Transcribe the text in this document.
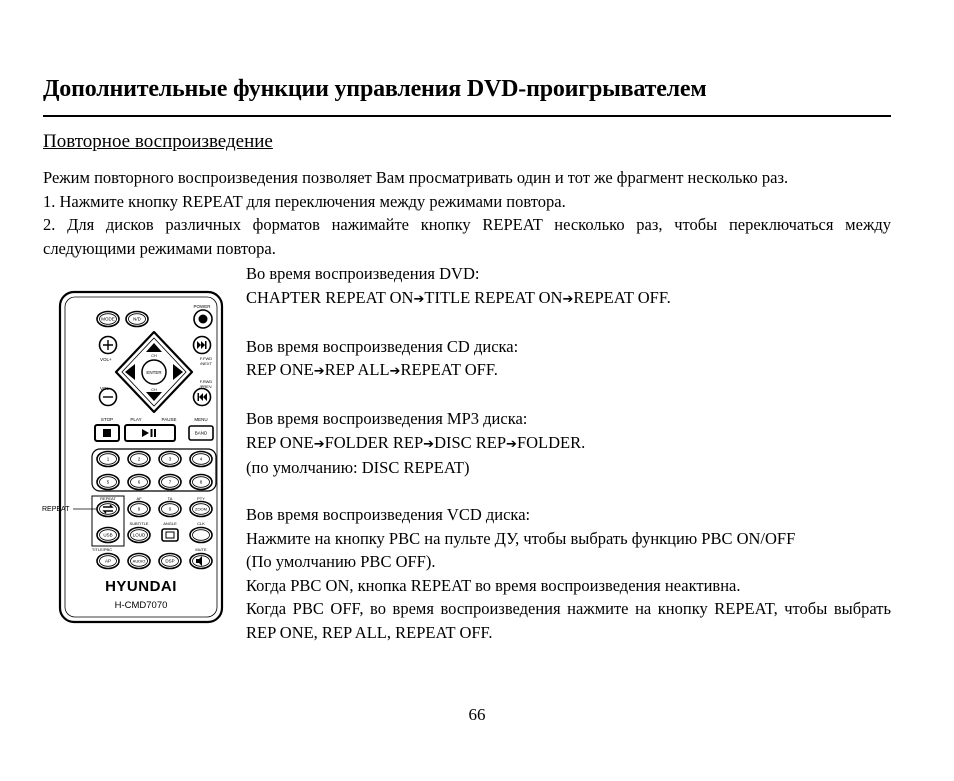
Дополнительные функции управления DVD-проигрывателем
Повторное воспроизведение

Режим повторного воспроизведения позволяет Вам просматривать один и тот же фрагмент несколько раз.

1. Нажмите кнопку REPEAT для переключения между режимами повтора.

2. Для дисков различных форматов нажимайте кнопку REPEAT несколько раз, чтобы переключаться между следующими режимами повтора.

Во время воспроизведения DVD:

CHAPTER REPEAT ON➔TITLE REPEAT ON➔REPEAT OFF.

Вов время воспроизведения CD диска:

REP ONE➔REP ALL➔REPEAT OFF.

Вов время воспроизведения MP3 диска:

REP ONE➔FOLDER REP➔DISC REP➔FOLDER.

(по умолчанию: DISC REPEAT)

Вов время воспроизведения VCD диска:

Нажмите на кнопку PBC на пульте ДУ, чтобы выбрать функцию PBC ON/OFF

(По умолчанию PBC OFF).

Когда PBC ON, кнопка REPEAT во время воспроизведения неактивна.

Когда PBC OFF, во время воспроизведения нажмите на кнопку REPEAT, чтобы выбрать REP ONE, REP ALL, REPEAT OFF.

POWER
MODE	N/D
VOL+
VOL-
F.FWD
/NEXT
F.RWD
/PREV.
ENTER
CH
CH
STOP	PLAY	PAUSE	MENU
BAND
1	2	3	4
5	6	7	8
REPEAT	AF	TA	PTY
9	0	ZOOM
SUBTITLE	ANGLE	CLK
USB	LOUD
TITLE/PBC	MUTE
AP	AUDIO	DSP
HYUNDAI
H-CMD7070
REPEAT
66
